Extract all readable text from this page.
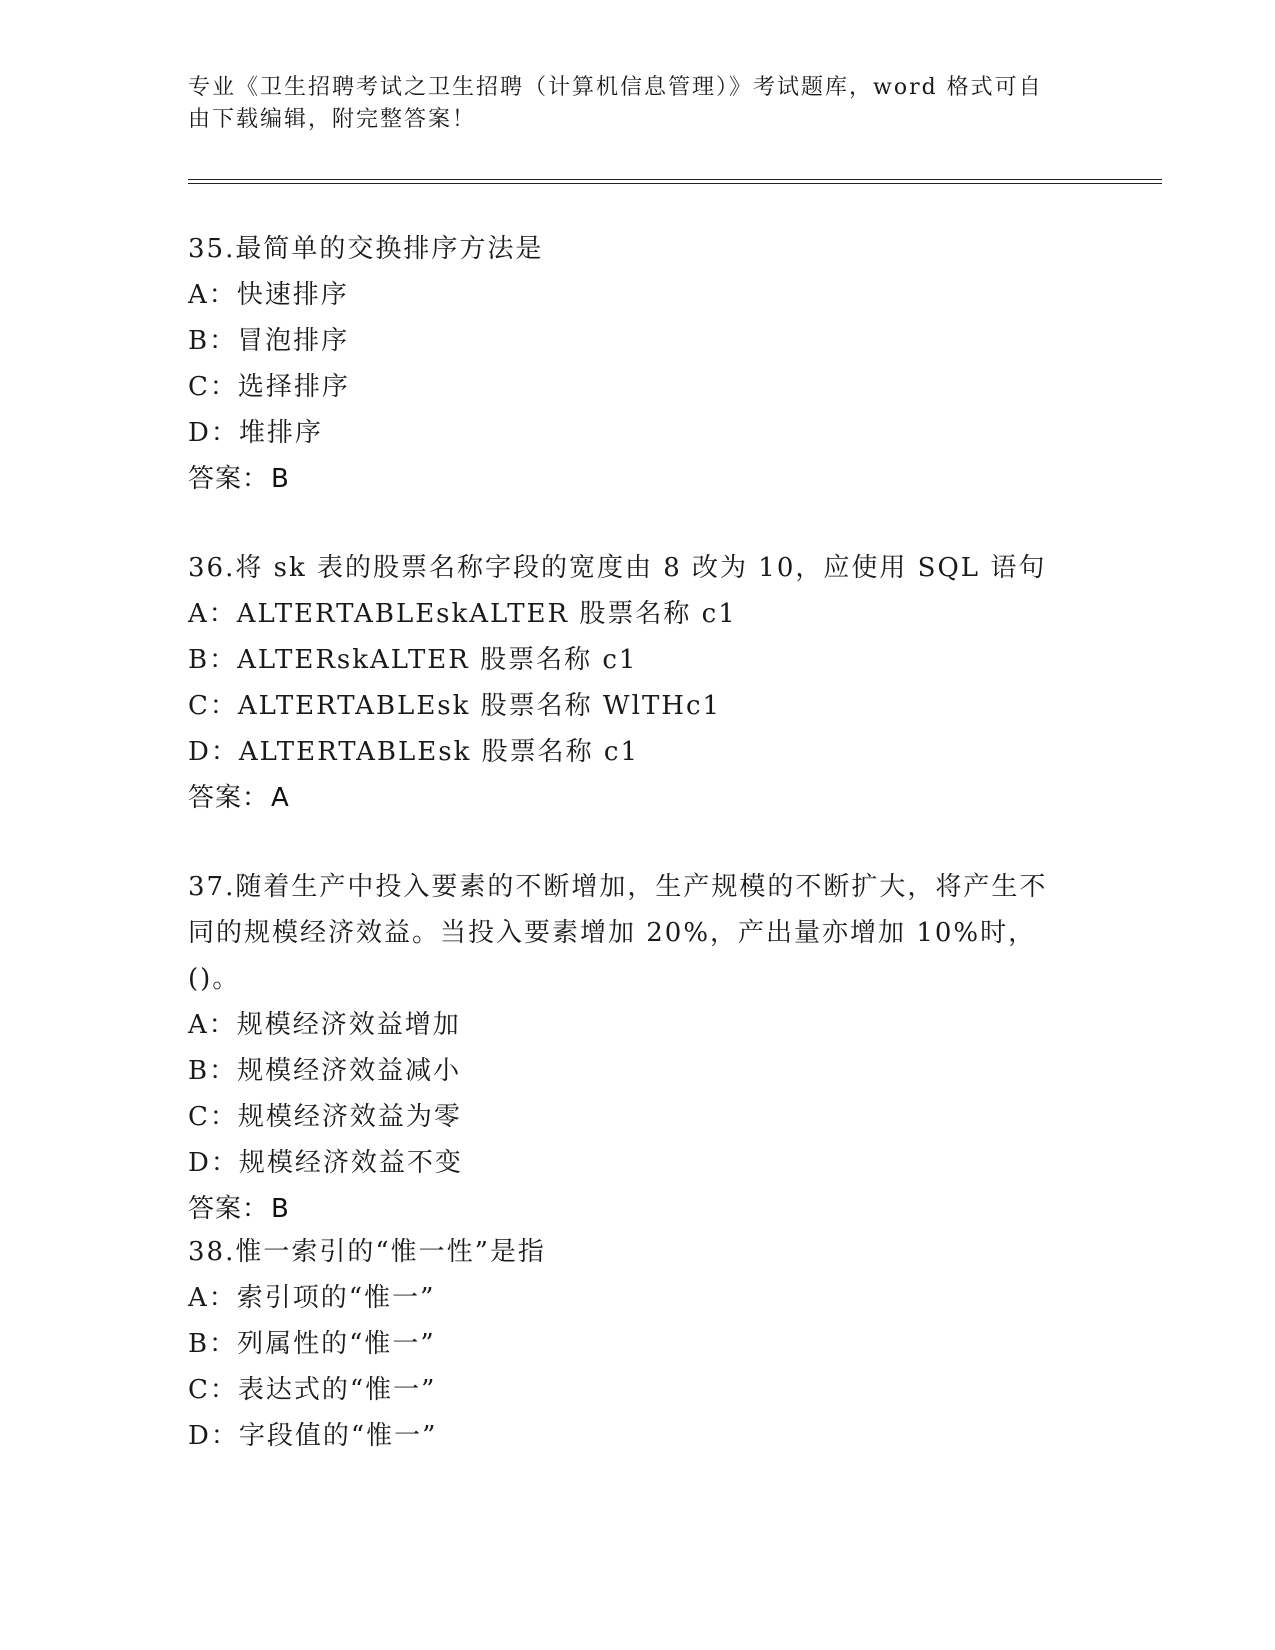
专业《卫生招聘考试之卫生招聘（计算机信息管理）》考试题库，word 格式可自
由下载编辑，附完整答案！
35.最简单的交换排序方法是
A：快速排序
B：冒泡排序
C：选择排序
D：堆排序
答案：B
36.将 sk 表的股票名称字段的宽度由 8 改为 10，应使用 SQL 语句
A：ALTERTABLEskALTER 股票名称 c1
B：ALTERskALTER 股票名称 c1
C：ALTERTABLEsk 股票名称 WlTHc1
D：ALTERTABLEsk 股票名称 c1
答案：A
37.随着生产中投入要素的不断增加，生产规模的不断扩大，将产生不
同的规模经济效益。当投入要素增加 20%，产出量亦增加 10%时，()。
A：规模经济效益增加
B：规模经济效益减小
C：规模经济效益为零
D：规模经济效益不变
答案：B
38.惟一索引的“惟一性”是指
A：索引项的“惟一”
B：列属性的“惟一”
C：表达式的“惟一”
D：字段值的“惟一”
